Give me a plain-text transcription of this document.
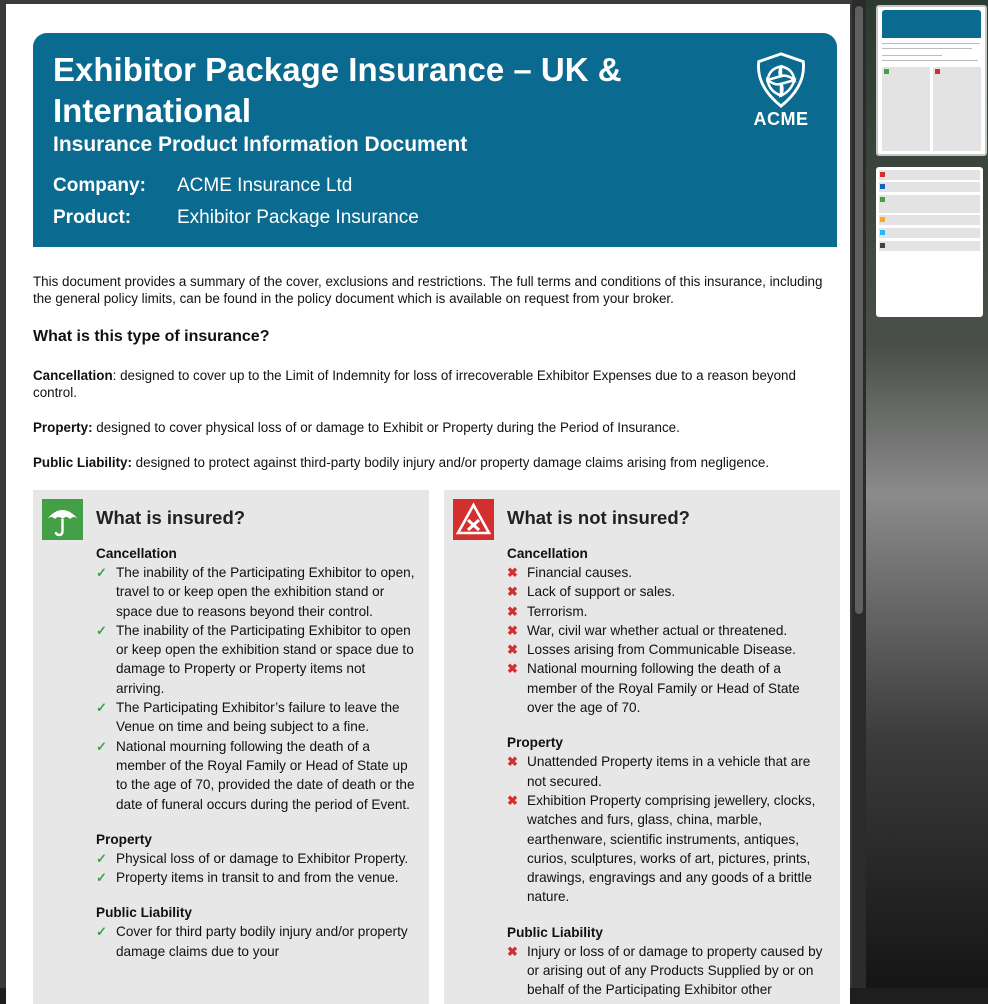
Exhibitor Package Insurance – UK & International
Insurance Product Information Document
Company: ACME Insurance Ltd
Product: Exhibitor Package Insurance
ACME
This document provides a summary of the cover, exclusions and restrictions. The full terms and conditions of this insurance, including the general policy limits, can be found in the policy document which is available on request from your broker.
What is this type of insurance?
Cancellation: designed to cover up to the Limit of Indemnity for loss of irrecoverable Exhibitor Expenses due to a reason beyond control.
Property: designed to cover physical loss of or damage to Exhibit or Property during the Period of Insurance.
Public Liability: designed to protect against third-party bodily injury and/or property damage claims arising from negligence.
What is insured?
Cancellation
✓ The inability of the Participating Exhibitor to open, travel to or keep open the exhibition stand or space due to reasons beyond their control.
✓ The inability of the Participating Exhibitor to open or keep open the exhibition stand or space due to damage to Property or Property items not arriving.
✓ The Participating Exhibitor’s failure to leave the Venue on time and being subject to a fine.
✓ National mourning following the death of a member of the Royal Family or Head of State up to the age of 70, provided the date of death or the date of funeral occurs during the period of Event.
Property
✓ Physical loss of or damage to Exhibitor Property.
✓ Property items in transit to and from the venue.
Public Liability
✓ Cover for third party bodily injury and/or property damage claims due to your
What is not insured?
Cancellation
✖ Financial causes.
✖ Lack of support or sales.
✖ Terrorism.
✖ War, civil war whether actual or threatened.
✖ Losses arising from Communicable Disease.
✖ National mourning following the death of a member of the Royal Family or Head of State over the age of 70.
Property
✖ Unattended Property items in a vehicle that are not secured.
✖ Exhibition Property comprising jewellery, clocks, watches and furs, glass, china, marble, earthenware, scientific instruments, antiques, curios, sculptures, works of art, pictures, prints, drawings, engravings and any goods of a brittle nature.
Public Liability
✖ Injury or loss of or damage to property caused by or arising out of any Products Supplied by or on behalf of the Participating Exhibitor other
